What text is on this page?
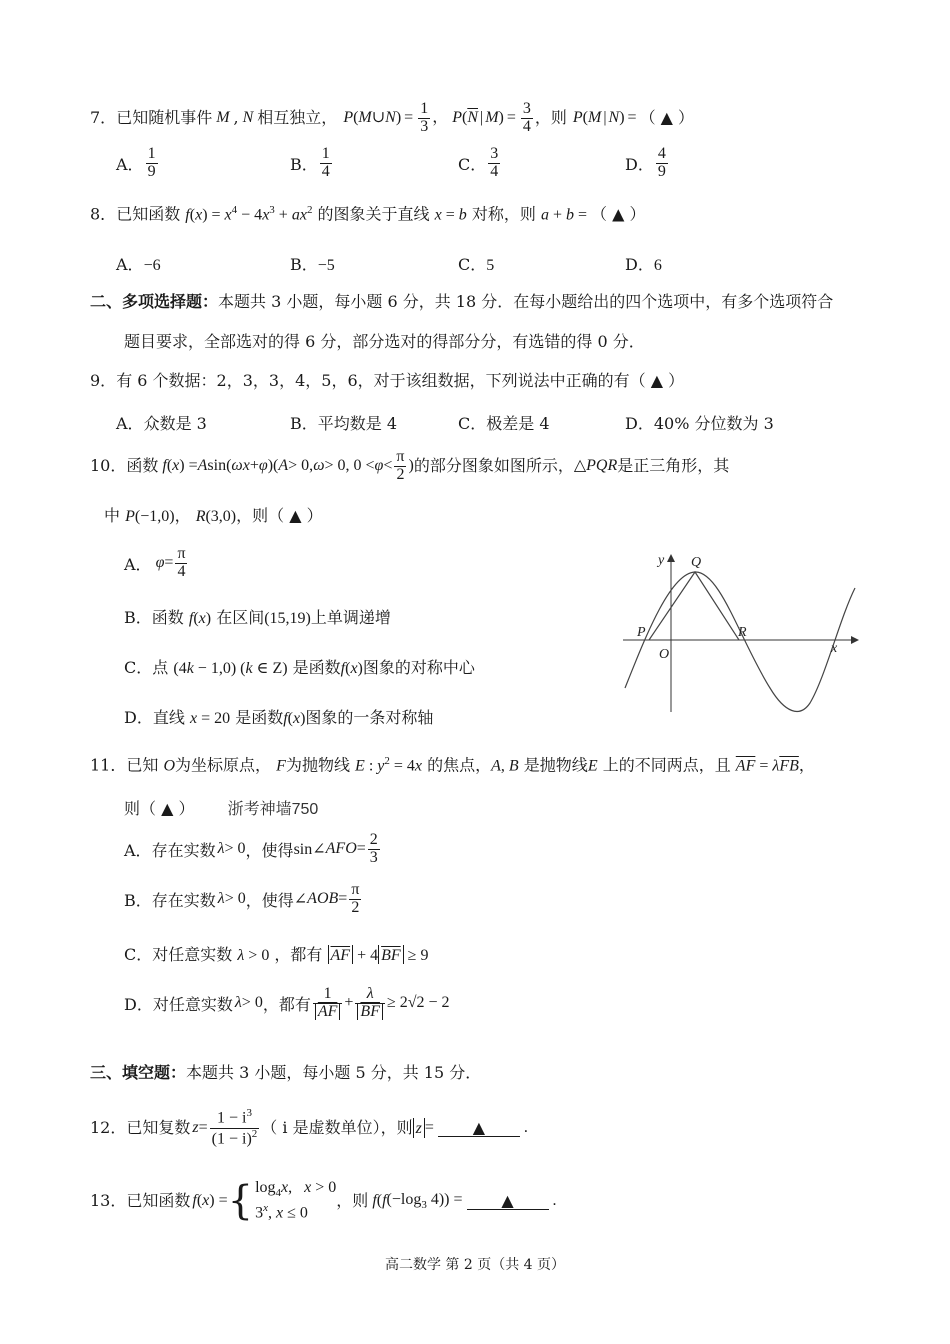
7． 已知随机事件 M , N 相互独立， P ( M ∪ N ) = $\frac{1}{3}$ ， P ( $\overline{N}$ | M ) = $\frac{3}{4}$ ，则 P ( M | N ) = （ ▲ ）
A． $\frac{1}{9}$	B． $\frac{1}{4}$	C． $\frac{3}{4}$	D． $\frac{4}{9}$
8．已知函数 $f(x) = x^4 - 4x^3 + ax^2$ 的图象关于直线 x = b 对称，则 a + b = （ ▲ ）
A．−6	B．−5	C．5	D．6
二、多项选择题：本题共 3 小题，每小题 6 分，共 18 分．在每小题给出的四个选项中，有多个选项符合
题目要求，全部选对的得 6 分，部分选对的得部分分，有选错的得 0 分．
9．有 6 个数据：2，3，3，4，5，6，对于该组数据，下列说法中正确的有（ ▲ ）
A．众数是 3	B．平均数是 4	C．极差是 4	D．40% 分位数为 3
10． 函数 f ( x ) = A sin( ωx + φ )( A > 0, ω > 0, $0 < \varphi < \frac{\pi}{2}$ ) 的部分图象如图所示， △ PQR 是正三角形，其
中 P(−1,0)， R(3,0)，则（ ▲ ）
A． $\varphi = \frac{\pi}{4}$
B．函数 f(x) 在区间(15,19)上单调递增
C．点 (4k − 1,0) (k ∈ Z) 是函数f(x)图象的对称中心
D．直线 x = 20 是函数f(x)图象的一条对称轴
y
x
O
P
Q
R
11．已知 O为坐标原点， F为抛物线 E : $y^2 = 4x$ 的焦点，A, B 是抛物线E 上的不同两点，且 $\overline{AF} = \lambda\overline{FB}$，
则（ ▲ ） 浙考神墙750
A． 存在实数 λ > 0 ，使得 sin∠ AFO = $\frac{2}{3}$
B． 存在实数 λ > 0 ，使得 ∠ AOB = $\frac{\pi}{2}$
C．对任意实数 λ > 0 ，都有 $\overline{AF} + 4$ $\overline{BF} \ge 9$
D． 对任意实数 λ > 0 ，都有 $\frac{1}{AF} + \frac{\lambda}{BF} \ge 2√2 - 2$
三、填空题：本题共 3 小题，每小题 5 分，共 15 分．
12． 已知复数 $z = \frac{1 - i^3}{(1 - i)^2}$ （ i 是虚数单位），则 z =	▲	.
13． 已知函数 f ( x ) = { $\log_4x$,   x > 0
3$^x$, x ≤ 0
，则 f ( f ($-\log_3$ 4)) =	▲	.
高二数学 第 2 页（共 4 页）
